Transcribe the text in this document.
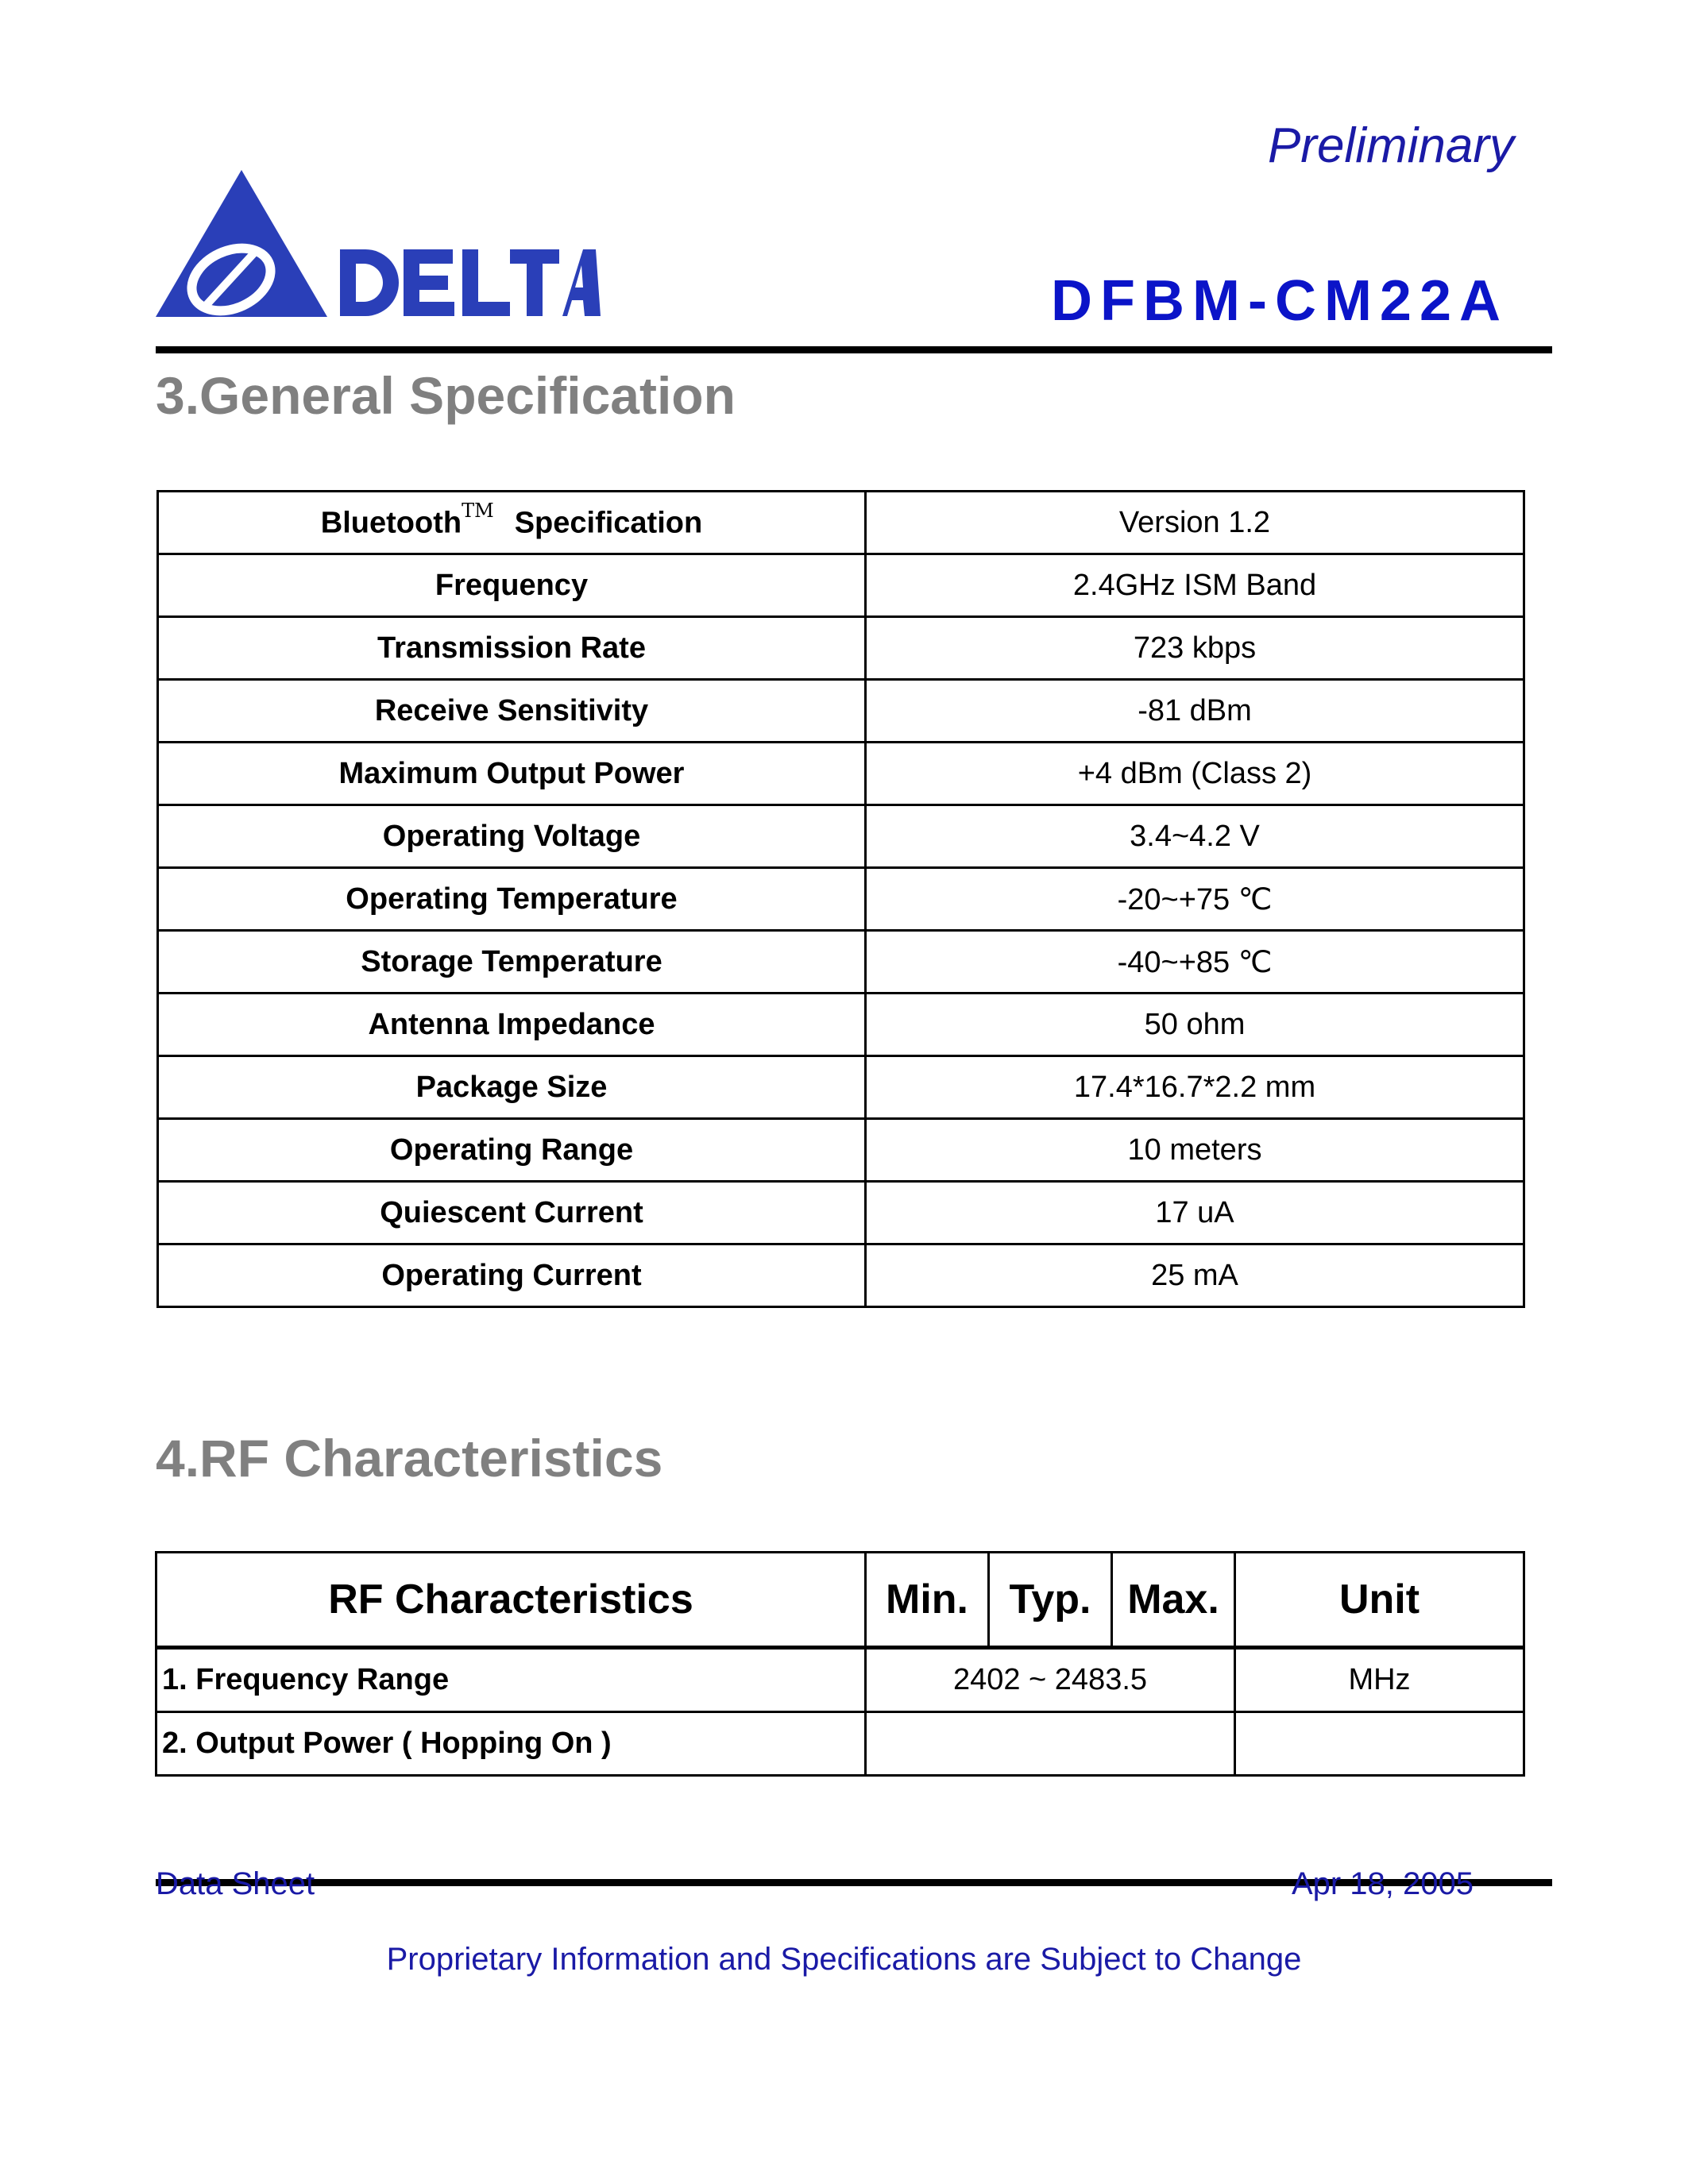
Preliminary
DFBM-CM22A
3.General Specification
Bluetooth™ Specification	Version 1.2
Frequency	2.4GHz ISM Band
Transmission Rate	723 kbps
Receive Sensitivity	-81 dBm
Maximum Output Power	+4 dBm (Class 2)
Operating Voltage	3.4~4.2 V
Operating Temperature	-20~+75 ℃
Storage Temperature	-40~+85 ℃
Antenna Impedance	50 ohm
Package Size	17.4*16.7*2.2 mm
Operating Range	10 meters
Quiescent Current	17 uA
Operating Current	25 mA
4.RF Characteristics
RF Characteristics	Min.	Typ.	Max.	Unit
1. Frequency Range	2402 ~ 2483.5			MHz
2. Output Power ( Hopping On )				
Data Sheet	Apr 18, 2005
Proprietary Information and Specifications are Subject to Change
